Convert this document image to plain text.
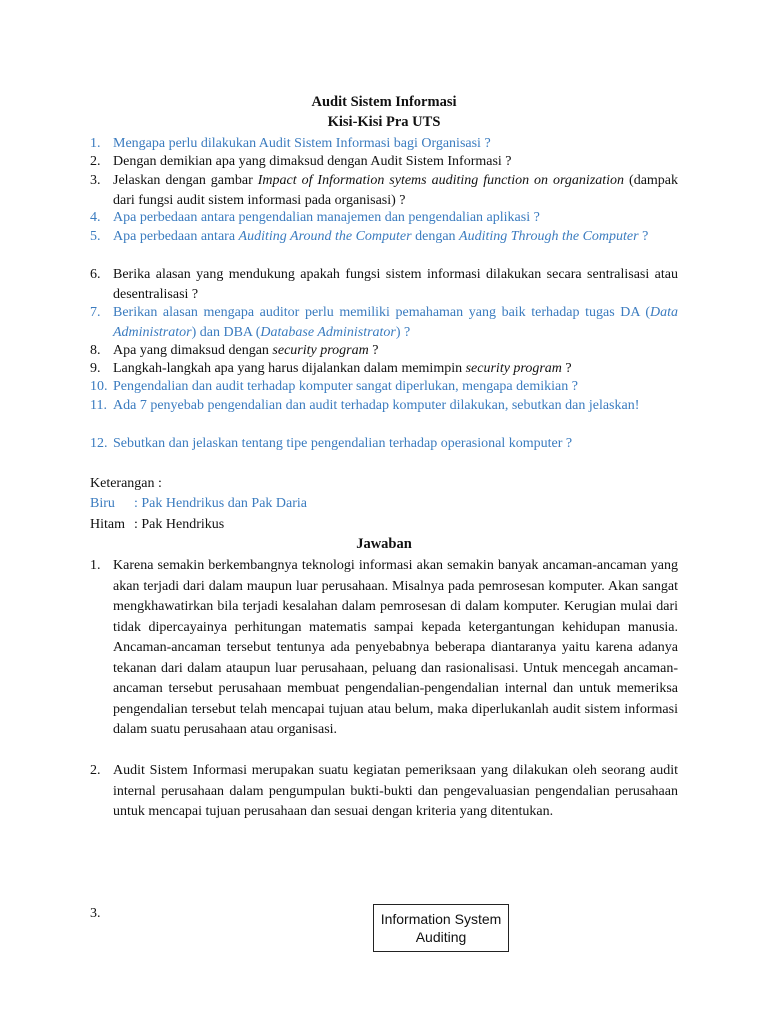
Audit Sistem Informasi
Kisi-Kisi Pra UTS
1. Mengapa perlu dilakukan Audit Sistem Informasi bagi Organisasi ?
2. Dengan demikian apa yang dimaksud dengan Audit Sistem Informasi ?
3. Jelaskan dengan gambar Impact of Information sytems auditing function on organization (dampak dari fungsi audit sistem informasi pada organisasi) ?
4. Apa perbedaan antara pengendalian manajemen dan pengendalian aplikasi ?
5. Apa perbedaan antara Auditing Around the Computer dengan Auditing Through the Computer ?
6. Berika alasan yang mendukung apakah fungsi sistem informasi dilakukan secara sentralisasi atau desentralisasi ?
7. Berikan alasan mengapa auditor perlu memiliki pemahaman yang baik terhadap tugas DA (Data Administrator) dan DBA (Database Administrator) ?
8. Apa yang dimaksud dengan security program ?
9. Langkah-langkah apa yang harus dijalankan dalam memimpin security program ?
10. Pengendalian dan audit terhadap komputer sangat diperlukan, mengapa demikian ?
11. Ada 7 penyebab pengendalian dan audit terhadap komputer dilakukan, sebutkan dan jelaskan!
12. Sebutkan dan jelaskan tentang tipe pengendalian terhadap operasional komputer ?
Keterangan :
Biru : Pak Hendrikus dan Pak Daria
Hitam : Pak Hendrikus
Jawaban
1. Karena semakin berkembangnya teknologi informasi akan semakin banyak ancaman-ancaman yang akan terjadi dari dalam maupun luar perusahaan. Misalnya pada pemrosesan komputer. Akan sangat mengkhawatirkan bila terjadi kesalahan dalam pemrosesan di dalam komputer. Kerugian mulai dari tidak dipercayainya perhitungan matematis sampai kepada ketergantungan kehidupan manusia. Ancaman-ancaman tersebut tentunya ada penyebabnya beberapa diantaranya yaitu karena adanya tekanan dari dalam ataupun luar perusahaan, peluang dan rasionalisasi. Untuk mencegah ancaman-ancaman tersebut perusahaan membuat pengendalian-pengendalian internal dan untuk memeriksa pengendalian tersebut telah mencapai tujuan atau belum, maka diperlukanlah audit sistem informasi dalam suatu perusahaan atau organisasi.
2. Audit Sistem Informasi merupakan suatu kegiatan pemeriksaan yang dilakukan oleh seorang audit internal perusahaan dalam pengumpulan bukti-bukti dan pengevaluasian pengendalian perusahaan untuk mencapai tujuan perusahaan dan sesuai dengan kriteria yang ditentukan.
3.	Information System Auditing
